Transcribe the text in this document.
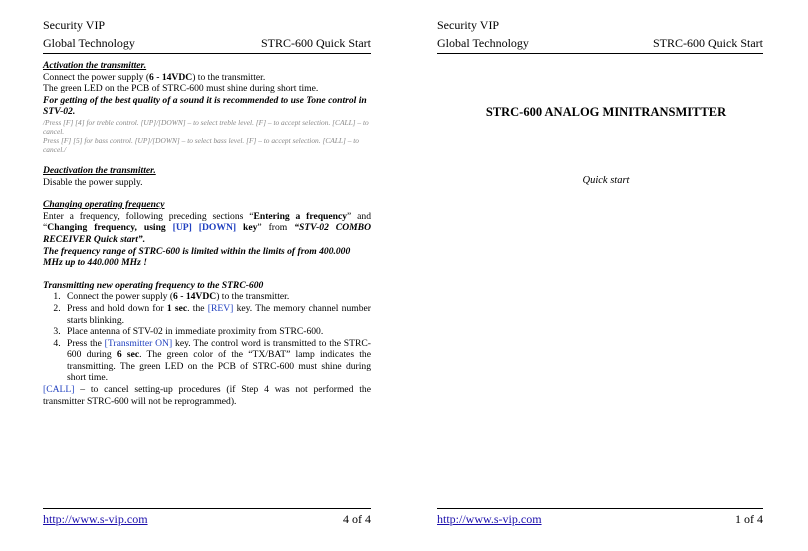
Security VIP
Global Technology	STRC-600 Quick Start

Activation the transmitter.

Connect the power supply (6 - 14VDC) to the transmitter.

The green LED on the PCB of STRC-600 must shine during short time.

For getting of the best quality of a sound it is recommended to use Tone control in STV-02.

/Press [F] [4] for treble control. [UP]/[DOWN] – to select treble level. [F] – to accept selection. [CALL] – to cancel.

Press [F] [5] for bass control. [UP]/[DOWN] – to select bass level. [F] – to accept selection. [CALL] – to cancel./

Deactivation the transmitter.

Disable the power supply.

Changing operating frequency

Enter a frequency, following preceding sections “Entering a frequency” and “Changing frequency, using [UP] [DOWN] key” from “STV-02 COMBO RECEIVER Quick start”.

The frequency range of STRC-600 is limited within the limits of from 400.000 MHz up to 440.000 MHz !

Transmitting new operating frequency to the STRC-600

1. Connect the power supply (6 - 14VDC) to the transmitter.
2. Press and hold down for 1 sec. the [REV] key. The memory channel number starts blinking.
3. Place antenna of STV-02 in immediate proximity from STRC-600.
4. Press the [Transmitter ON] key. The control word is transmitted to the STRC-600 during 6 sec. The green color of the “TX/BAT” lamp indicates the transmitting. The green LED on the PCB of STRC-600 must shine during short time.

[CALL] – to cancel setting-up procedures (if Step 4 was not performed the transmitter STRC-600 will not be reprogrammed).

http://www.s-vip.com	4 of 4
Security VIP
Global Technology	STRC-600 Quick Start
STRC-600 ANALOG MINITRANSMITTER
Quick start
http://www.s-vip.com	1 of 4
